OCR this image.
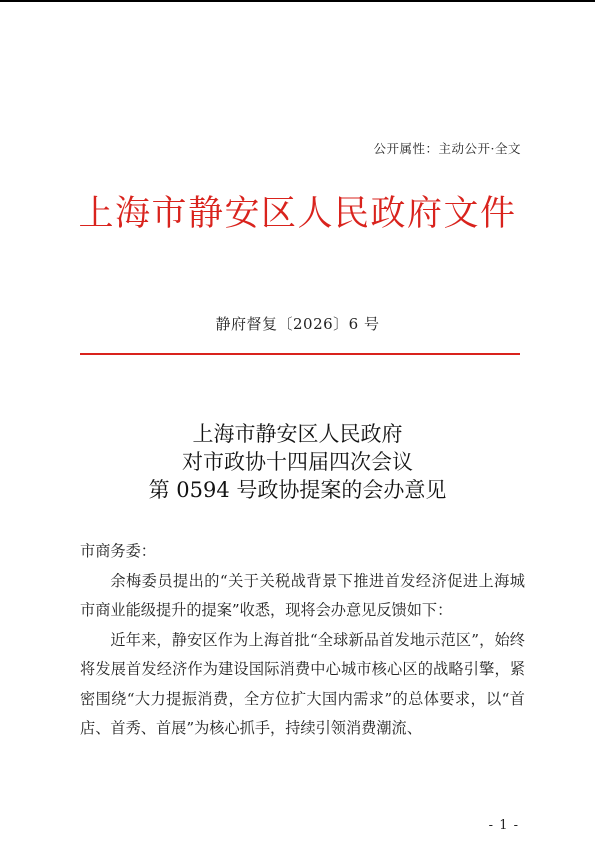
公开属性：主动公开·全文
上海市静安区人民政府文件
静府督复〔2026〕6 号
上海市静安区人民政府
对市政协十四届四次会议
第 0594 号政协提案的会办意见

市商务委：

余梅委员提出的“关于关税战背景下推进首发经济促进上海城市商业能级提升的提案”收悉，现将会办意见反馈如下：

近年来，静安区作为上海首批“全球新品首发地示范区”，始终将发展首发经济作为建设国际消费中心城市核心区的战略引擎，紧密围绕“大力提振消费，全方位扩大国内需求”的总体要求，以“首店、首秀、首展”为核心抓手，持续引领消费潮流、

- 1 -
